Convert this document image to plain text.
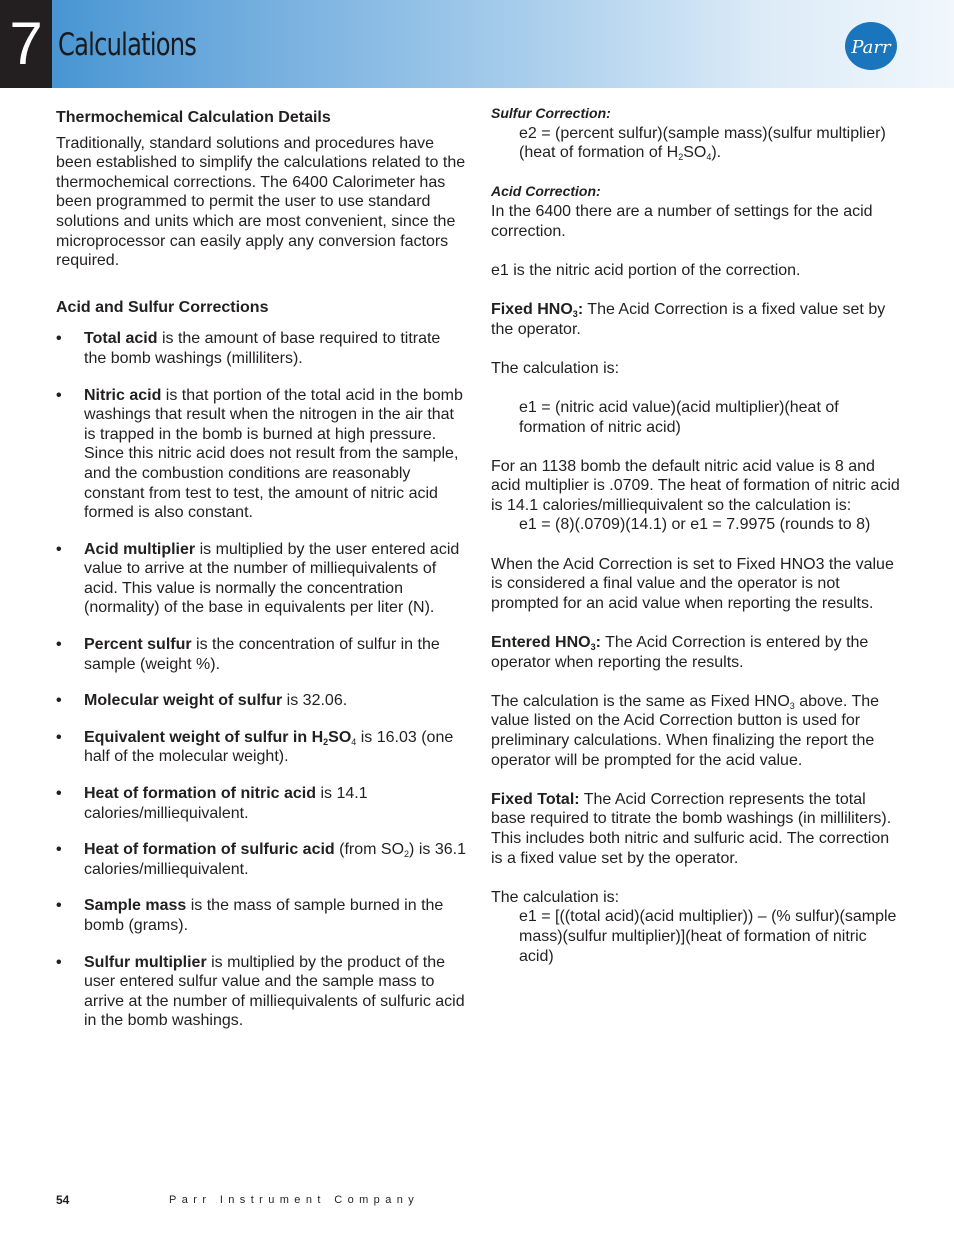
7 Calculations	Parr
Thermochemical Calculation Details

Traditionally, standard solutions and procedures have been established to simplify the calculations related to the thermochemical corrections. The 6400 Calorimeter has been programmed to permit the user to use standard solutions and units which are most convenient, since the microprocessor can easily apply any conversion factors required.

Acid and Sulfur Corrections
• Total acid is the amount of base required to titrate the bomb washings (milliliters).
• Nitric acid is that portion of the total acid in the bomb washings that result when the nitrogen in the air that is trapped in the bomb is burned at high pressure. Since this nitric acid does not result from the sample, and the combustion conditions are reasonably constant from test to test, the amount of nitric acid formed is also constant.
• Acid multiplier is multiplied by the user entered acid value to arrive at the number of milliequivalents of acid. This value is normally the concentration (normality) of the base in equivalents per liter (N).
• Percent sulfur is the concentration of sulfur in the sample (weight %).
• Molecular weight of sulfur is 32.06.
• Equivalent weight of sulfur in $H_2SO_4$ is 16.03 (one half of the molecular weight).
• Heat of formation of nitric acid is 14.1 calories/milliequivalent.
• Heat of formation of sulfuric acid (from $SO_2$) is 36.1 calories/milliequivalent.
• Sample mass is the mass of sample burned in the bomb (grams).
• Sulfur multiplier is multiplied by the product of the user entered sulfur value and the sample mass to arrive at the number of milliequivalents of sulfuric acid in the bomb washings.
Sulfur Correction:

e2 = (percent sulfur)(sample mass)(sulfur multiplier)(heat of formation of $H_2SO_4$).

Acid Correction:

In the 6400 there are a number of settings for the acid correction.

e1 is the nitric acid portion of the correction.

Fixed $HNO_3$: The Acid Correction is a fixed value set by the operator.

The calculation is:

e1 = (nitric acid value)(acid multiplier)(heat of formation of nitric acid)

For an 1138 bomb the default nitric acid value is 8 and acid multiplier is .0709. The heat of formation of nitric acid is 14.1 calories/milliequivalent so the calculation is:

e1 = (8)(.0709)(14.1) or e1 = 7.9975 (rounds to 8)

When the Acid Correction is set to Fixed HNO3 the value is considered a final value and the operator is not prompted for an acid value when reporting the results.

Entered $HNO_3$: The Acid Correction is entered by the operator when reporting the results.

The calculation is the same as Fixed $HNO_3$ above. The value listed on the Acid Correction button is used for preliminary calculations. When finalizing the report the operator will be prompted for the acid value.

Fixed Total: The Acid Correction represents the total base required to titrate the bomb washings (in milliliters). This includes both nitric and sulfuric acid. The correction is a fixed value set by the operator.

The calculation is:

e1 = [((total acid)(acid multiplier)) – (% sulfur)(sample mass)(sulfur multiplier)](heat of formation of nitric acid)

54	Parr Instrument Company
